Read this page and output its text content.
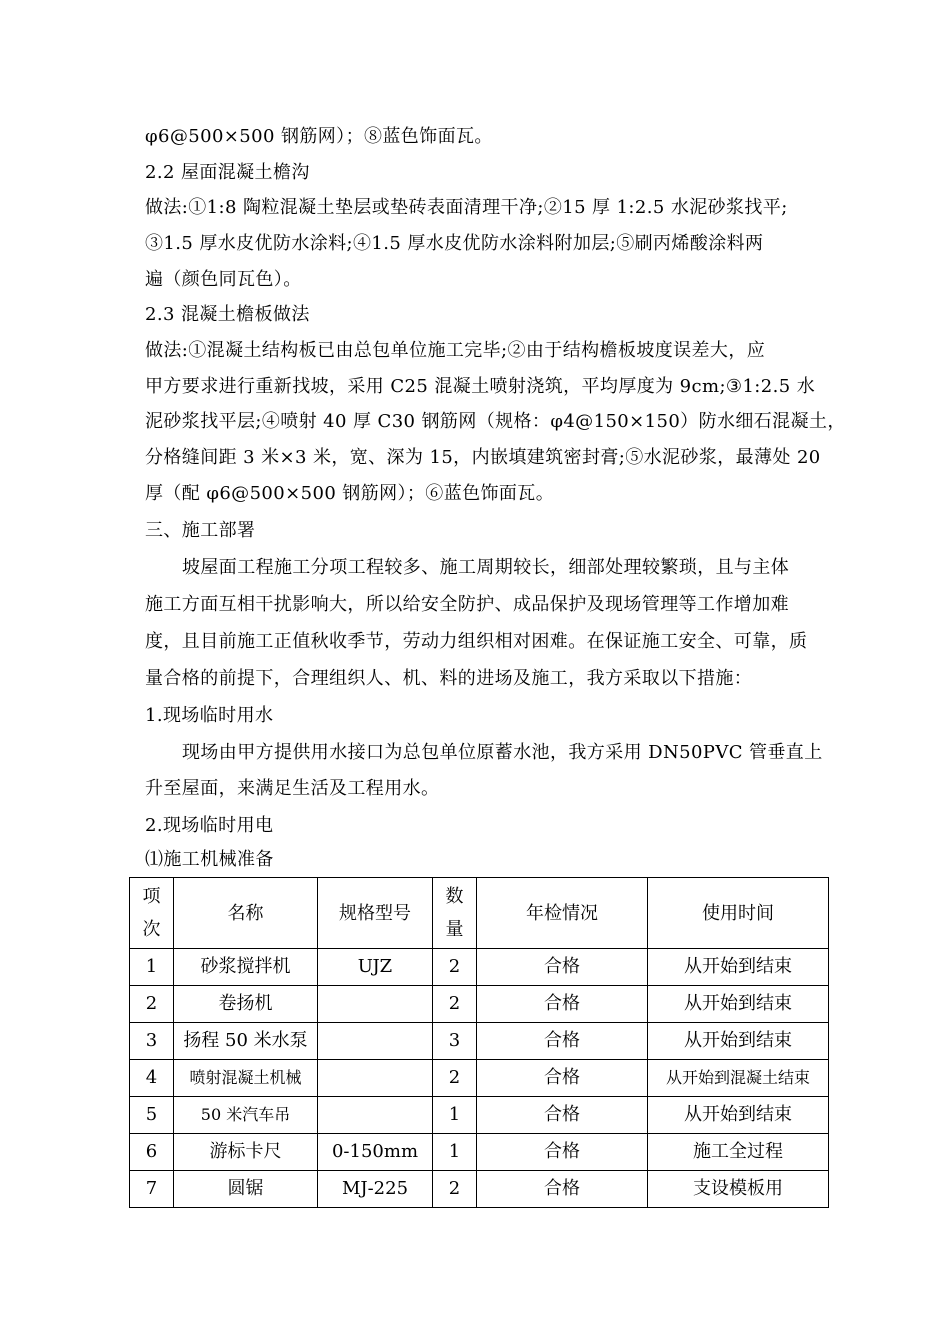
φ6@500×500 钢筋网）；⑧蓝色饰面瓦。
2.2 屋面混凝土檐沟
做法:①1:8 陶粒混凝土垫层或垫砖表面清理干净;②15 厚 1:2.5 水泥砂浆找平;
③1.5 厚水皮优防水涂料;④1.5 厚水皮优防水涂料附加层;⑤刷丙烯酸涂料两
遍（颜色同瓦色）。
2.3 混凝土檐板做法
做法:①混凝土结构板已由总包单位施工完毕;②由于结构檐板坡度误差大，应
甲方要求进行重新找坡，采用 C25 混凝土喷射浇筑，平均厚度为 9cm;③1:2.5 水
泥砂浆找平层;④喷射 40 厚 C30 钢筋网（规格：φ4@150×150）防水细石混凝土，
分格缝间距 3 米×3 米，宽、深为 15，内嵌填建筑密封膏;⑤水泥砂浆，最薄处 20
厚（配 φ6@500×500 钢筋网）；⑥蓝色饰面瓦。
三、施工部署
坡屋面工程施工分项工程较多、施工周期较长，细部处理较繁琐，且与主体
施工方面互相干扰影响大，所以给安全防护、成品保护及现场管理等工作增加难
度，且目前施工正值秋收季节，劳动力组织相对困难。在保证施工安全、可靠，质
量合格的前提下，合理组织人、机、料的进场及施工，我方采取以下措施：
1.现场临时用水
现场由甲方提供用水接口为总包单位原蓄水池，我方采用 DN50PVC 管垂直上
升至屋面，来满足生活及工程用水。
2.现场临时用电
⑴施工机械准备
项次	名称	规格型号	数量	年检情况	使用时间
1	砂浆搅拌机	UJZ	2	合格	从开始到结束
2	卷扬机		2	合格	从开始到结束
3	扬程 50 米水泵		3	合格	从开始到结束
4	喷射混凝土机械		2	合格	从开始到混凝土结束
5	50 米汽车吊		1	合格	从开始到结束
6	游标卡尺	0-150mm	1	合格	施工全过程
7	圆锯	MJ-225	2	合格	支设模板用
